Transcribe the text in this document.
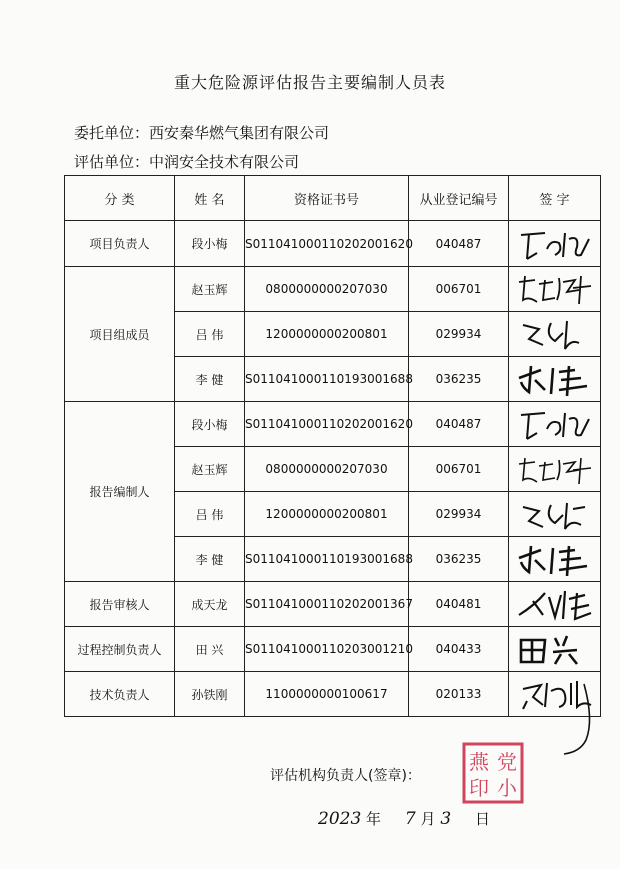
重大危险源评估报告主要编制人员表
委托单位：西安秦华燃气集团有限公司
评估单位：中润安全技术有限公司
分 类	姓 名	资格证书号	从业登记编号	签 字
项目负责人	段小梅	S011041000110202001620	040487	

项目组成员	赵玉辉	0800000000207030	006701	

	吕 伟	1200000000200801	029934	

	李 健	S011041000110193001688	036235	

报告编制人	段小梅	S011041000110202001620	040487	

	赵玉辉	0800000000207030	006701	

	吕 伟	1200000000200801	029934	

	李 健	S011041000110193001688	036235	

报告审核人	成天龙	S011041000110202001367	040481	

过程控制负责人	田 兴	S011041000110203001210	040433	

技术负责人	孙铁刚	1100000000100617	020133	
评估机构负责人(签章)：
2023 年 7 月 3 日
燕 党
印 小
